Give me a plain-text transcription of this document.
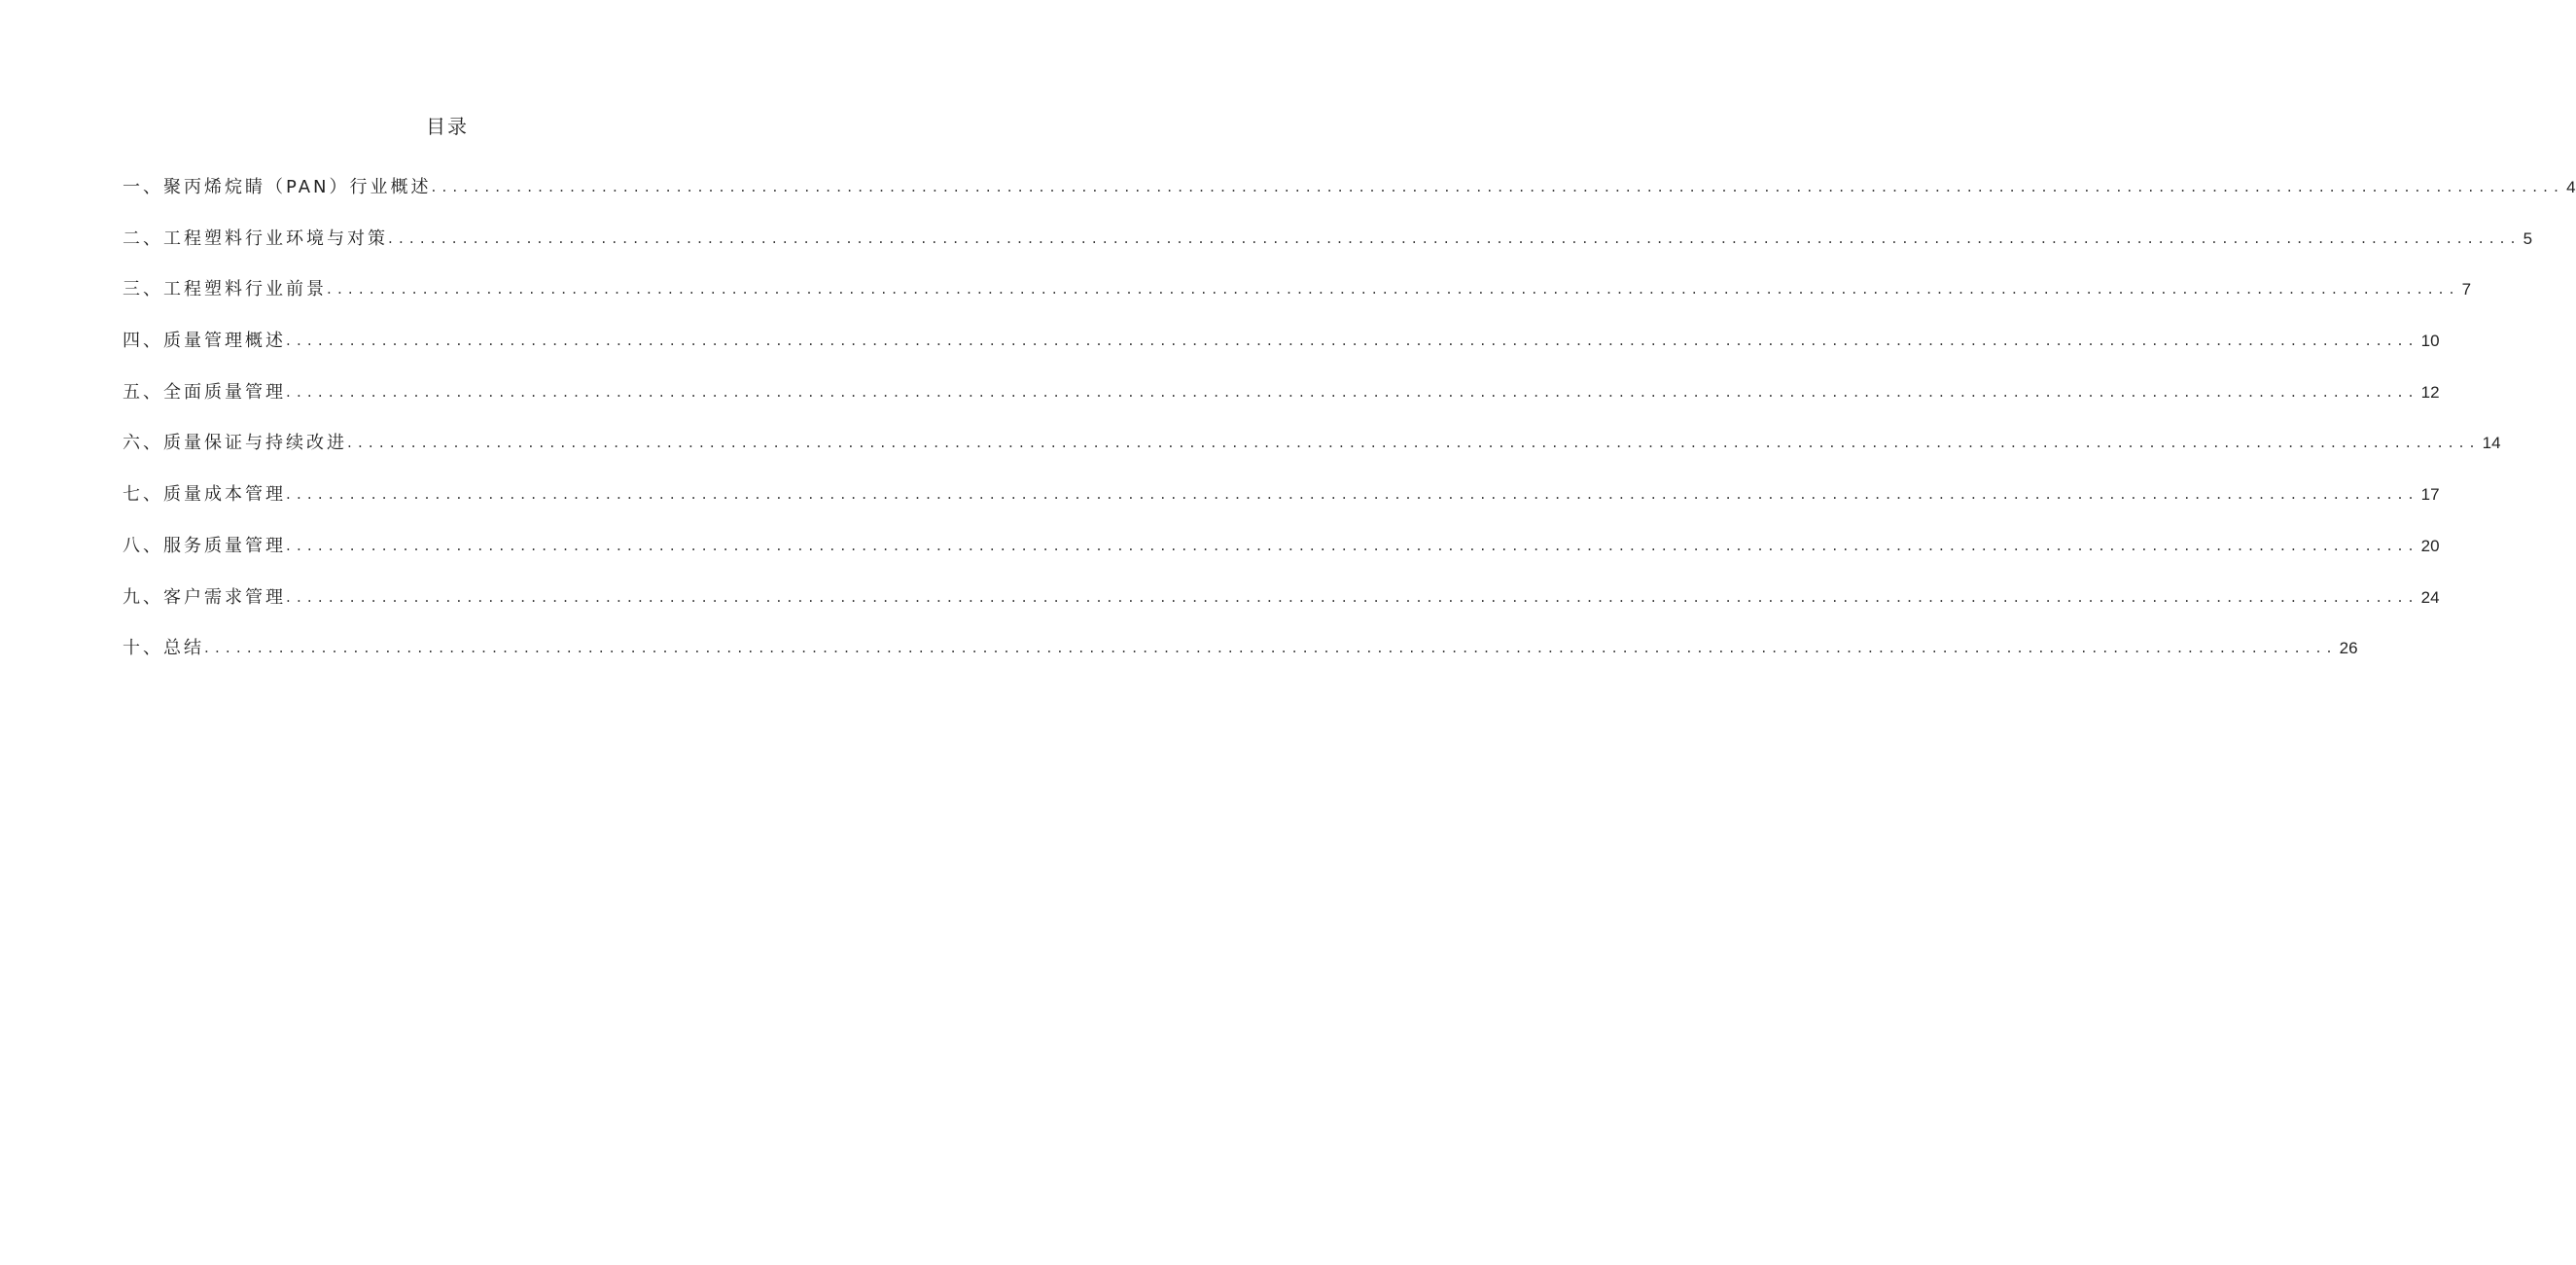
目录
一、聚丙烯烷睛（PAN）行业概述 ........................................................................................................................................................................................................ 4
二、工程塑料行业环境与对策 ........................................................................................................................................................................................................ 5
三、工程塑料行业前景 ........................................................................................................................................................................................................ 7
四、质量管理概述 ........................................................................................................................................................................................................ 10
五、全面质量管理 ........................................................................................................................................................................................................ 12
六、质量保证与持续改进 ........................................................................................................................................................................................................ 14
七、质量成本管理 ........................................................................................................................................................................................................ 17
八、服务质量管理 ........................................................................................................................................................................................................ 20
九、客户需求管理 ........................................................................................................................................................................................................ 24
十、总结 ........................................................................................................................................................................................................ 26
